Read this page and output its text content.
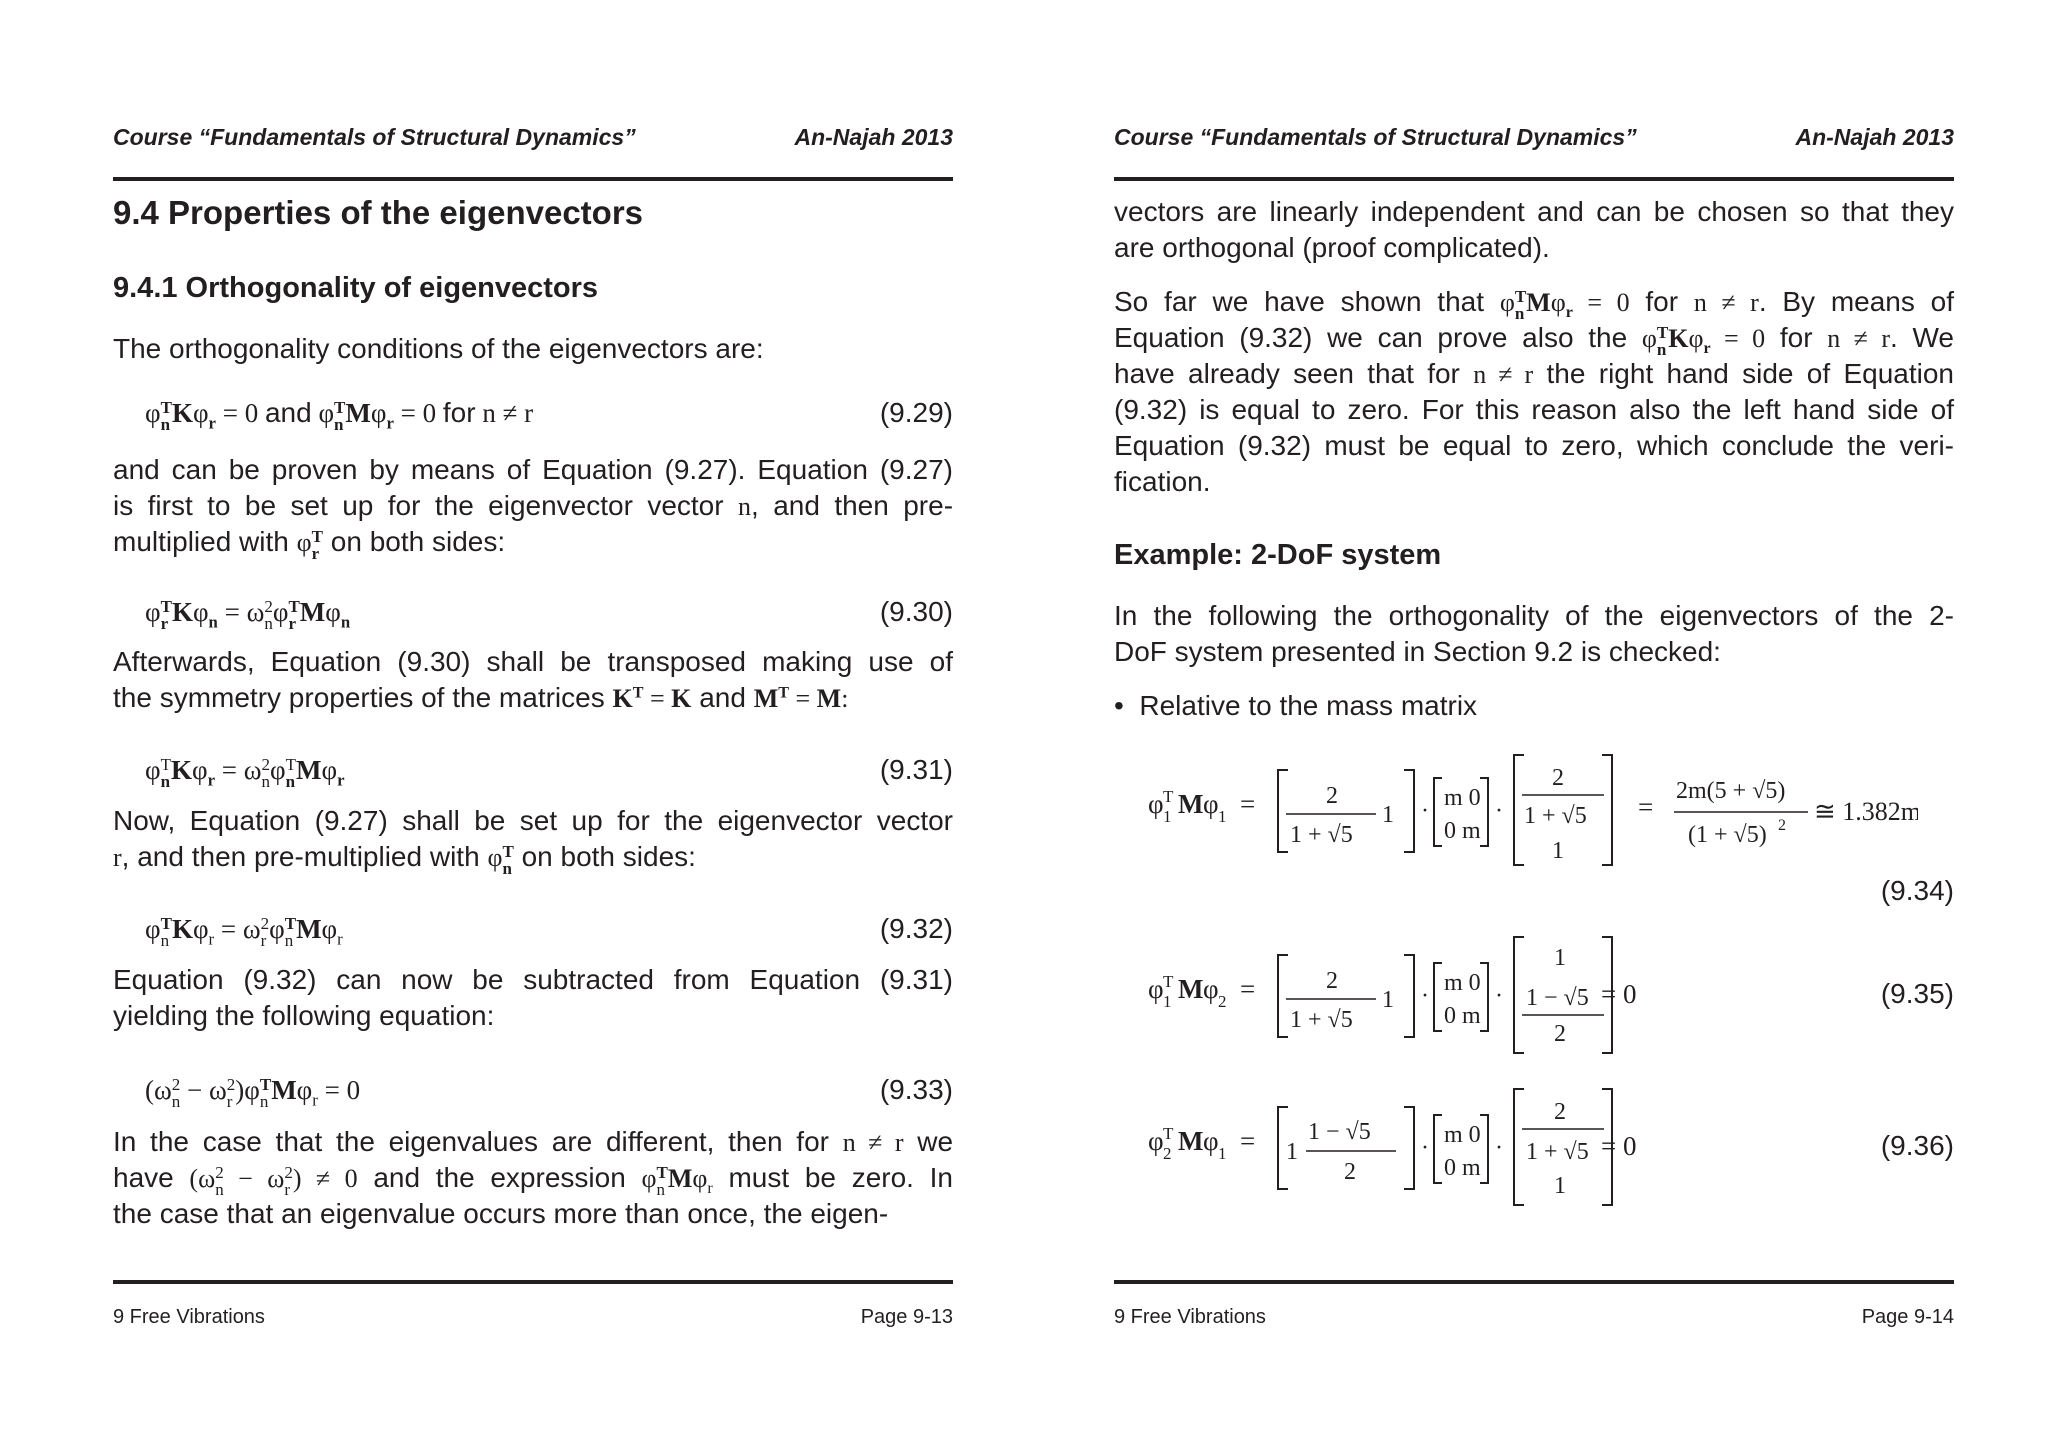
Course “Fundamentals of Structural Dynamics”	An-Najah 2013
9.4 Properties of the eigenvectors
9.4.1 Orthogonality of eigenvectors
The orthogonality conditions of the eigenvectors are:
φ T
n $K\varphi_r = 0$ and φ T
n $M\varphi_r = 0$ for n ≠ r	(9.29)
and can be proven by means of Equation (9.27). Equation (9.27)
is first to be set up for the eigenvector vector n, and then pre-
multiplied with φ T
r on both sides:
φ T
r $K\varphi_n = \omega$ 2
n φ T
r $M\varphi_n$	(9.30)
Afterwards, Equation (9.30) shall be transposed making use of
the symmetry properties of the matrices $K^T = K$ and $M^T = M$:
φ T
n $K\varphi_r = \omega$ 2
n φ T
n $M\varphi_r$	(9.31)
Now, Equation (9.27) shall be set up for the eigenvector vector
r, and then pre-multiplied with φ T
n on both sides:
φ T
n $K\varphi_r = \omega$ 2
r φ T
n $M\varphi_r$	(9.32)
Equation (9.32) can now be subtracted from Equation (9.31)
yielding the following equation:
(ω 2
n − ω 2
r )φ T
n $M\varphi_r = 0$	(9.33)
In the case that the eigenvalues are different, then for n ≠ r we
have (ω 2
n − ω 2
r ) ≠ 0 and the expression φ T
n $M\varphi_r$ must be zero. In
the case that an eigenvalue occurs more than once, the eigen-
9 Free Vibrations	Page 9-13
Course “Fundamentals of Structural Dynamics”	An-Najah 2013
vectors are linearly independent and can be chosen so that they
are orthogonal (proof complicated).
So far we have shown that φ T
n $M\varphi_r = 0$ for n ≠ r. By means of
Equation (9.32) we can prove also the φ T
n $K\varphi_r = 0$ for n ≠ r. We
have already seen that for n ≠ r the right hand side of Equation
(9.32) is equal to zero. For this reason also the left hand side of
Equation (9.32) must be equal to zero, which conclude the veri-
fication.
Example: 2-DoF system
In the following the orthogonality of the eigenvectors of the 2-
DoF system presented in Section 9.2 is checked:
• Relative to the mass matrix
φ T
1 M φ 1 =	2
1 + √5
1 · m 0
0 m
·
2
1 + √5
1
=
2m(5 + √5)
(1 + √5) 2 ≅ 1.382m
(9.34)
φ T
1 M φ 2 =	2
1 + √5
1 · m 0
0 m
·
1
1 − √5
2
= 0	(9.35)
φ T
2 M φ 1 = 1
1 − √5
2
· m 0
0 m
·
2
1 + √5
1
= 0	(9.36)
9 Free Vibrations	Page 9-14
